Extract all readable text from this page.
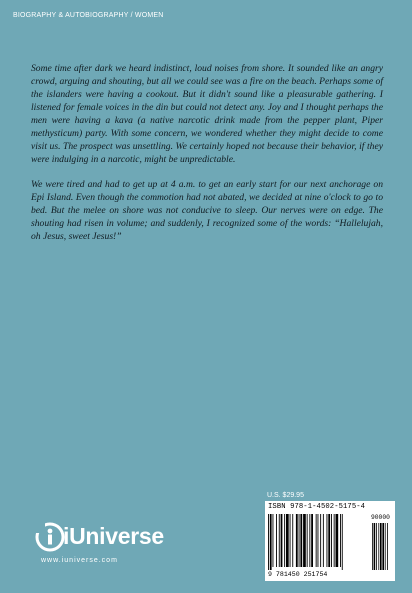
BIOGRAPHY & AUTOBIOGRAPHY / WOMEN

Some time after dark we heard indistinct, loud noises from shore. It sounded like an angry crowd, arguing and shouting, but all we could see was a fire on the beach. Perhaps some of the islanders were having a cookout. But it didn't sound like a pleasurable gathering. I listened for female voices in the din but could not detect any. Joy and I thought perhaps the men were having a kava (a native narcotic drink made from the pepper plant, Piper methysticum) party. With some concern, we wondered whether they might decide to come visit us. The prospect was unsettling. We certainly hoped not because their behavior, if they were indulging in a narcotic, might be unpredictable.

We were tired and had to get up at 4 a.m. to get an early start for our next anchorage on Epi Island. Even though the commotion had not abated, we decided at nine o'clock to go to bed. But the melee on shore was not conducive to sleep. Our nerves were on edge. The shouting had risen in volume; and suddenly, I recognized some of the words: “Hallelujah, oh Jesus, sweet Jesus!”

iUniverse
www.iuniverse.com
U.S. $29.95
ISBN 978-1-4502-5175-4
90000
9 781450 251754
